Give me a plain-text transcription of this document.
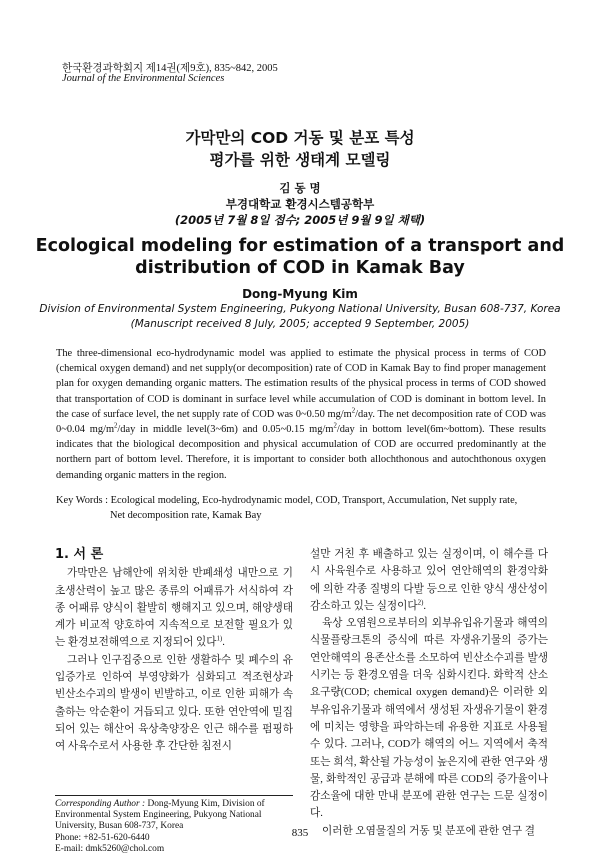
한국환경과학회지 제14권(제9호), 835~842, 2005
Journal of the Environmental Sciences
가막만의 COD 거동 및 분포 특성
평가를 위한 생태계 모델링
김 동 명
부경대학교 환경시스템공학부
(2005년 7월 8일 접수; 2005년 9월 9일 채택)
Ecological modeling for estimation of a transport and
distribution of COD in Kamak Bay
Dong-Myung Kim
Division of Environmental System Engineering, Pukyong National University, Busan 608-737, Korea
(Manuscript received 8 July, 2005; accepted 9 September, 2005)

The three-dimensional eco-hydrodynamic model was applied to estimate the physical process in terms of COD (chemical oxygen demand) and net supply(or decomposition) rate of COD in Kamak Bay to find proper management plan for oxygen demanding organic matters. The estimation results of the physical process in terms of COD showed that transportation of COD is dominant in surface level while accumulation of COD is dominant in bottom level. In the case of surface level, the net supply rate of COD was 0~0.50 $mg/m^2$/day. The net decomposition rate of COD was 0~0.04 $mg/m^2$/day in middle level(3~6m) and 0.05~0.15 $mg/m^2$/day in bottom level(6m~bottom). These results indicates that the biological decomposition and physical accumulation of COD are occurred predominantly at the northern part of bottom level. Therefore, it is important to consider both allochthonous and autochthonous oxygen demanding organic matters in the region.

Key Words : Ecological modeling, Eco-hydrodynamic model, COD, Transport, Accumulation, Net supply rate,
Net decomposition rate, Kamak Bay
1. 서 론

가막만은 남해안에 위치한 반폐쇄성 내만으로 기초생산력이 높고 많은 종류의 어패류가 서식하여 각종 어패류 양식이 활발히 행해지고 있으며, 해양생태계가 비교적 양호하여 지속적으로 보전할 필요가 있는 환경보전해역으로 지정되어 있다$^{1)}$.

그러나 인구집중으로 인한 생활하수 및 폐수의 유입증가로 인하여 부영양화가 심화되고 적조현상과 빈산소수괴의 발생이 빈발하고, 이로 인한 피해가 속출하는 악순환이 거듭되고 있다. 또한 연안역에 밀집되어 있는 해산어 육상축양장은 인근 해수를 펌핑하여 사육수로서 사용한 후 간단한 침전시

설만 거친 후 배출하고 있는 실정이며, 이 해수를 다시 사육원수로 사용하고 있어 연안해역의 환경악화에 의한 각종 질병의 다발 등으로 인한 양식 생산성이 감소하고 있는 실정이다$^{2)}$.

육상 오염원으로부터의 외부유입유기물과 해역의 식물플랑크톤의 증식에 따른 자생유기물의 증가는 연안해역의 용존산소를 소모하여 빈산소수괴를 발생시키는 등 환경오염을 더욱 심화시킨다. 화학적 산소요구량(COD; chemical oxygen demand)은 이러한 외부유입유기물과 해역에서 생성된 자생유기물이 환경에 미치는 영향을 파악하는데 유용한 지표로 사용될 수 있다. 그러나, COD가 해역의 어느 지역에서 축적 또는 희석, 확산될 가능성이 높은지에 관한 연구와 생물, 화학적인 공급과 분해에 따른 COD의 증가율이나 감소율에 대한 만내 분포에 관한 연구는 드문 실정이다.

이러한 오염물질의 거동 및 분포에 관한 연구 결

Corresponding Author : Dong-Myung Kim, Division of Environmental System Engineering, Pukyong National University, Busan 608-737, Korea
Phone: +82-51-620-6440
E-mail: dmk5260@chol.com
835
